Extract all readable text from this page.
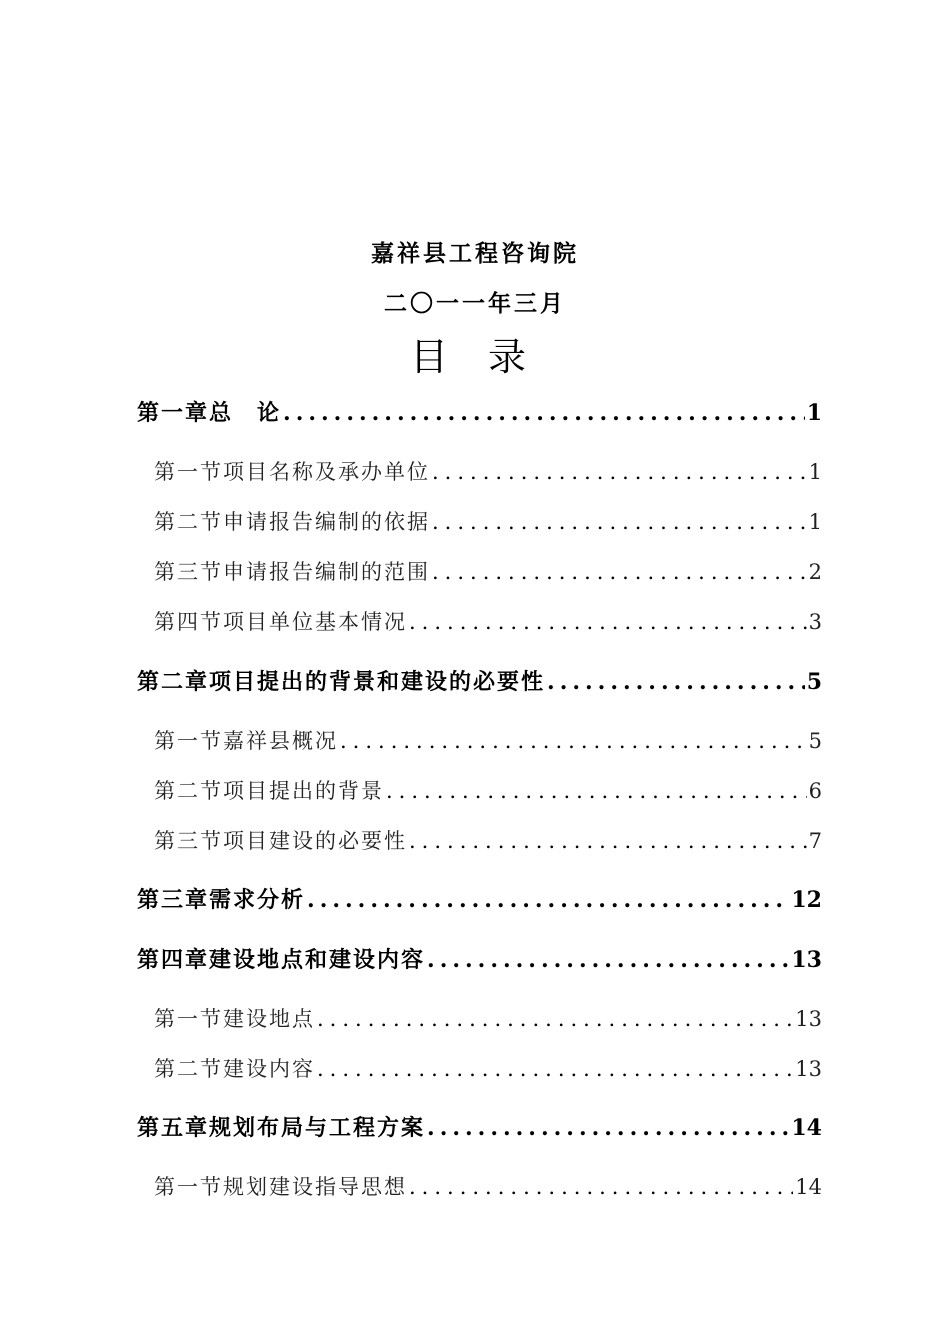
嘉祥县工程咨询院
二〇一一年三月
目 录
第一章 总　论 .....	1
第一节 项目名称及承办单位 .....	1
第二节 申请报告编制的依据 .....	1
第三节 申请报告编制的范围 .....	2
第四节 项目单位基本情况 .....	3
第二章 项目提出的背景和建设的必要性 .....	5
第一节 嘉祥县概况 .....	5
第二节 项目提出的背景 .....	6
第三节 项目建设的必要性 .....	7
第三章 需求分析 .....	12
第四章 建设地点和建设内容 .....	13
第一节 建设地点 .....	13
第二节 建设内容 .....	13
第五章 规划布局与工程方案 .....	14
第一节 规划建设指导思想 .....	14
